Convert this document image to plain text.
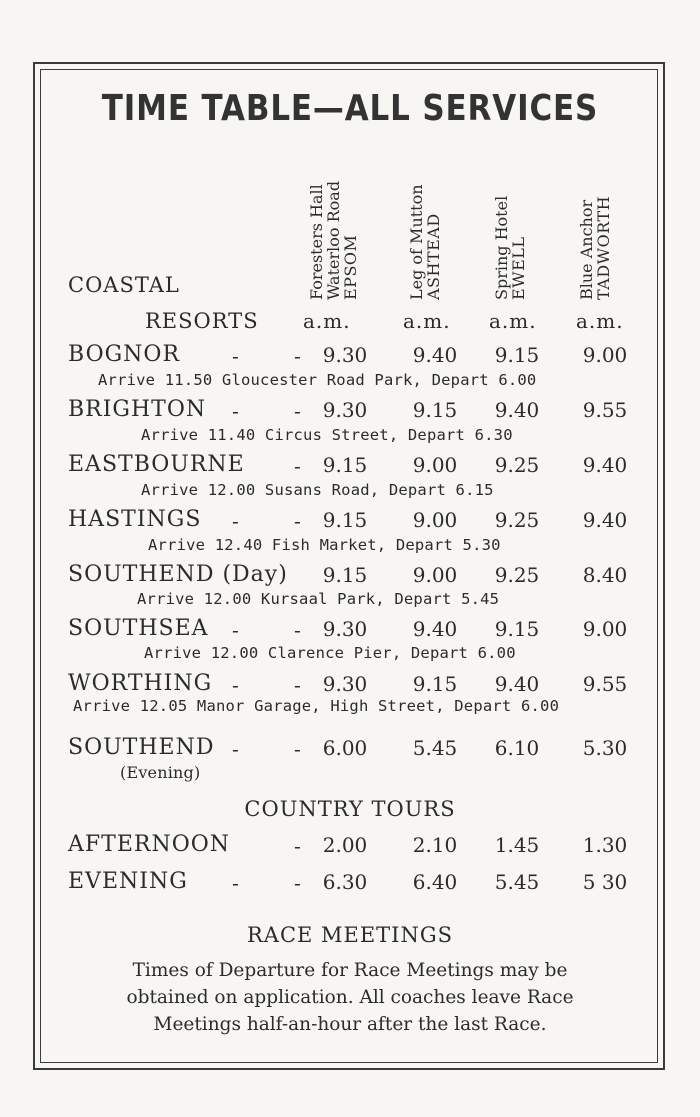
TIME TABLE—ALL SERVICES
Foresters Hall
Waterloo Road
EPSOM	Leg of Mutton
ASHTEAD	Spring Hotel
EWELL	Blue Anchor
TADWORTH
COASTAL
RESORTS a.m.	a.m. a.m. a.m.
BOGNOR	-	-	9.30	9.40	9.15	9.00
Arrive 11.50 Gloucester Road Park, Depart 6.00
BRIGHTON -	-	9.30	9.15	9.40	9.55
Arrive 11.40 Circus Street, Depart 6.30
EASTBOURNE -	9.15	9.00	9.25	9.40
Arrive 12.00 Susans Road, Depart 6.15
HASTINGS -	-	9.15	9.00	9.25	9.40
Arrive 12.40 Fish Market, Depart 5.30
SOUTHEND (Day)	9.15	9.00	9.25	8.40
Arrive 12.00 Kursaal Park, Depart 5.45
SOUTHSEA -	-	9.30	9.40	9.15	9.00
Arrive 12.00 Clarence Pier, Depart 6.00
WORTHING -	-	9.30	9.15	9.40	9.55
Arrive 12.05 Manor Garage, High Street, Depart 6.00
SOUTHEND -	-	6.00	5.45	6.10	5.30
(Evening)
COUNTRY TOURS
AFTERNOON	-	2.00	2.10	1.45	1.30
EVENING -	-	6.30	6.40	5.45	5 30
RACE MEETINGS
Times of Departure for Race Meetings may be
obtained on application. All coaches leave Race
Meetings half-an-hour after the last Race.
